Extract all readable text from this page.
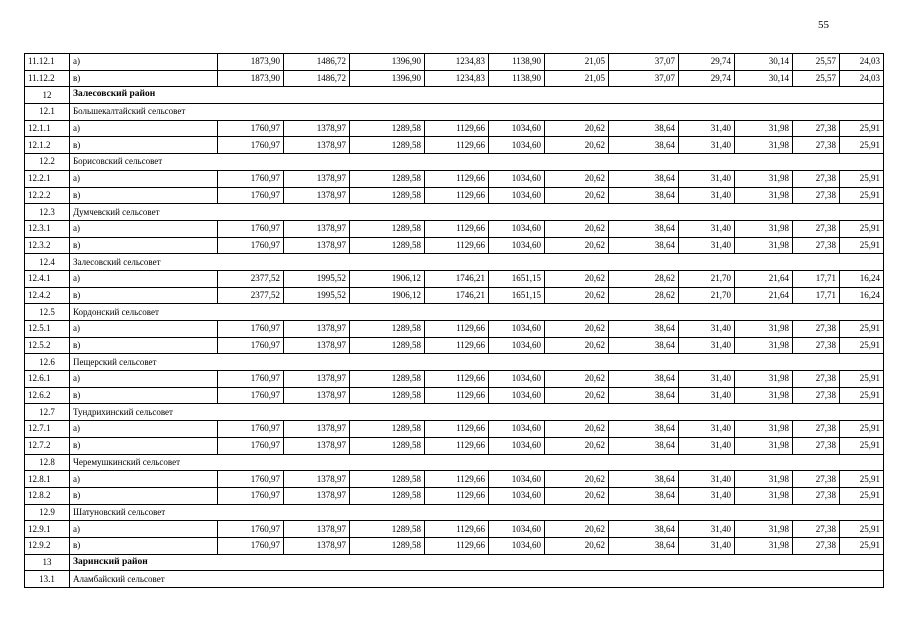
55
11.12.1	а)	1873,90	1486,72	1396,90	1234,83	1138,90	21,05	37,07	29,74	30,14	25,57	24,03
11.12.2	в)	1873,90	1486,72	1396,90	1234,83	1138,90	21,05	37,07	29,74	30,14	25,57	24,03
12	Залесовский район											
12.1	Большекалтайский сельсовет											
12.1.1	а)	1760,97	1378,97	1289,58	1129,66	1034,60	20,62	38,64	31,40	31,98	27,38	25,91
12.1.2	в)	1760,97	1378,97	1289,58	1129,66	1034,60	20,62	38,64	31,40	31,98	27,38	25,91
12.2	Борисовский сельсовет											
12.2.1	а)	1760,97	1378,97	1289,58	1129,66	1034,60	20,62	38,64	31,40	31,98	27,38	25,91
12.2.2	в)	1760,97	1378,97	1289,58	1129,66	1034,60	20,62	38,64	31,40	31,98	27,38	25,91
12.3	Думчевский сельсовет											
12.3.1	а)	1760,97	1378,97	1289,58	1129,66	1034,60	20,62	38,64	31,40	31,98	27,38	25,91
12.3.2	в)	1760,97	1378,97	1289,58	1129,66	1034,60	20,62	38,64	31,40	31,98	27,38	25,91
12.4	Залесовский сельсовет											
12.4.1	а)	2377,52	1995,52	1906,12	1746,21	1651,15	20,62	28,62	21,70	21,64	17,71	16,24
12.4.2	в)	2377,52	1995,52	1906,12	1746,21	1651,15	20,62	28,62	21,70	21,64	17,71	16,24
12.5	Кордонский сельсовет											
12.5.1	а)	1760,97	1378,97	1289,58	1129,66	1034,60	20,62	38,64	31,40	31,98	27,38	25,91
12.5.2	в)	1760,97	1378,97	1289,58	1129,66	1034,60	20,62	38,64	31,40	31,98	27,38	25,91
12.6	Пещерский сельсовет											
12.6.1	а)	1760,97	1378,97	1289,58	1129,66	1034,60	20,62	38,64	31,40	31,98	27,38	25,91
12.6.2	в)	1760,97	1378,97	1289,58	1129,66	1034,60	20,62	38,64	31,40	31,98	27,38	25,91
12.7	Тундрихинский сельсовет											
12.7.1	а)	1760,97	1378,97	1289,58	1129,66	1034,60	20,62	38,64	31,40	31,98	27,38	25,91
12.7.2	в)	1760,97	1378,97	1289,58	1129,66	1034,60	20,62	38,64	31,40	31,98	27,38	25,91
12.8	Черемушкинский сельсовет											
12.8.1	а)	1760,97	1378,97	1289,58	1129,66	1034,60	20,62	38,64	31,40	31,98	27,38	25,91
12.8.2	в)	1760,97	1378,97	1289,58	1129,66	1034,60	20,62	38,64	31,40	31,98	27,38	25,91
12.9	Шатуновский сельсовет											
12.9.1	а)	1760,97	1378,97	1289,58	1129,66	1034,60	20,62	38,64	31,40	31,98	27,38	25,91
12.9.2	в)	1760,97	1378,97	1289,58	1129,66	1034,60	20,62	38,64	31,40	31,98	27,38	25,91
13	Заринский район											
13.1	Аламбайский сельсовет											
